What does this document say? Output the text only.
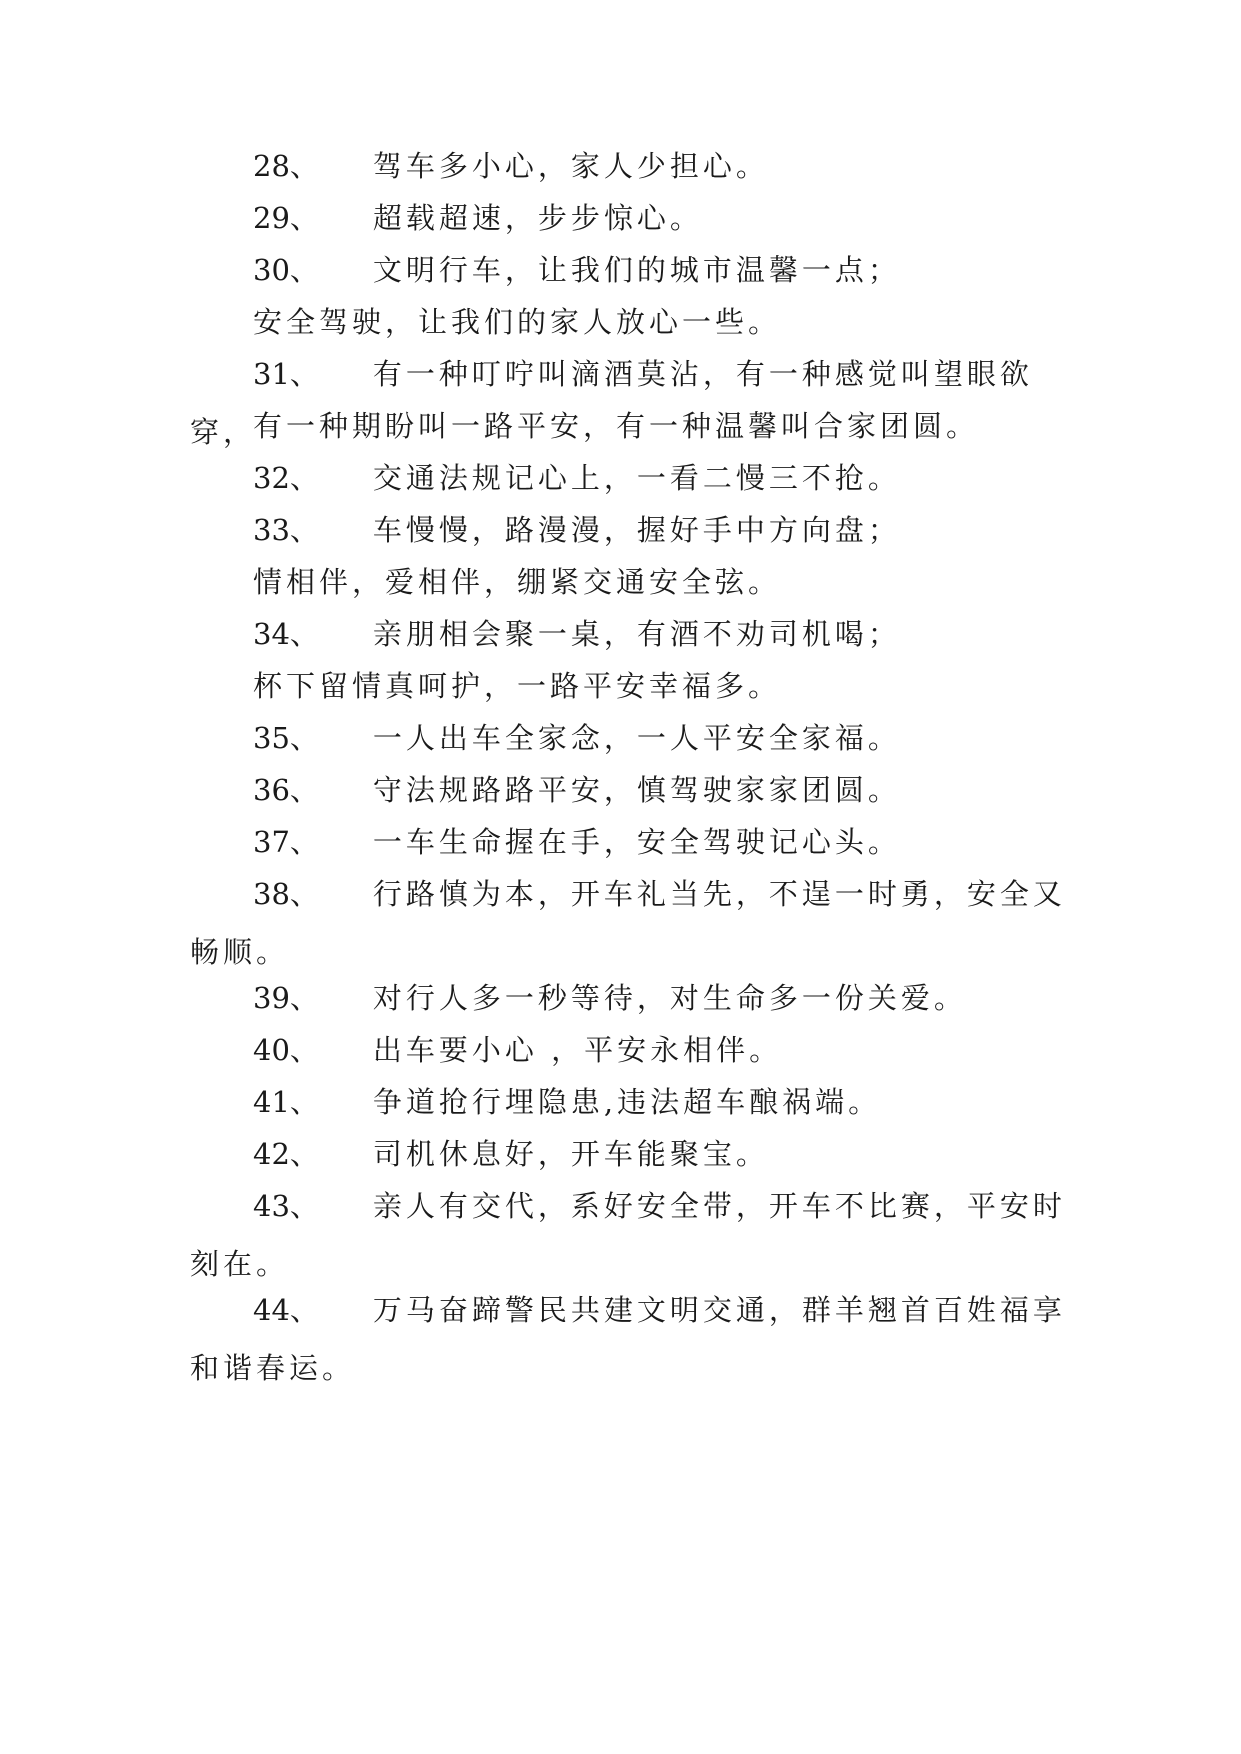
28、 驾车多小心，家人少担心。

29、 超载超速，步步惊心。

30、 文明行车，让我们的城市温馨一点；

安全驾驶，让我们的家人放心一些。

31、 有一种叮咛叫滴酒莫沾，有一种感觉叫望眼欲穿，

有一种期盼叫一路平安，有一种温馨叫合家团圆。

32、 交通法规记心上，一看二慢三不抢。

33、 车慢慢，路漫漫，握好手中方向盘；

情相伴，爱相伴，绷紧交通安全弦。

34、 亲朋相会聚一桌，有酒不劝司机喝；

杯下留情真呵护，一路平安幸福多。

35、 一人出车全家念，一人平安全家福。

36、 守法规路路平安，慎驾驶家家团圆。

37、 一车生命握在手，安全驾驶记心头。

38、 行路慎为本，开车礼当先，不逞一时勇，安全又畅顺。

39、 对行人多一秒等待，对生命多一份关爱。

40、 出车要小心 ，平安永相伴。

41、 争道抢行埋隐患,违法超车酿祸端。

42、 司机休息好，开车能聚宝。

43、 亲人有交代，系好安全带，开车不比赛，平安时刻在。

44、 万马奋蹄警民共建文明交通，群羊翘首百姓福享和谐春运。
